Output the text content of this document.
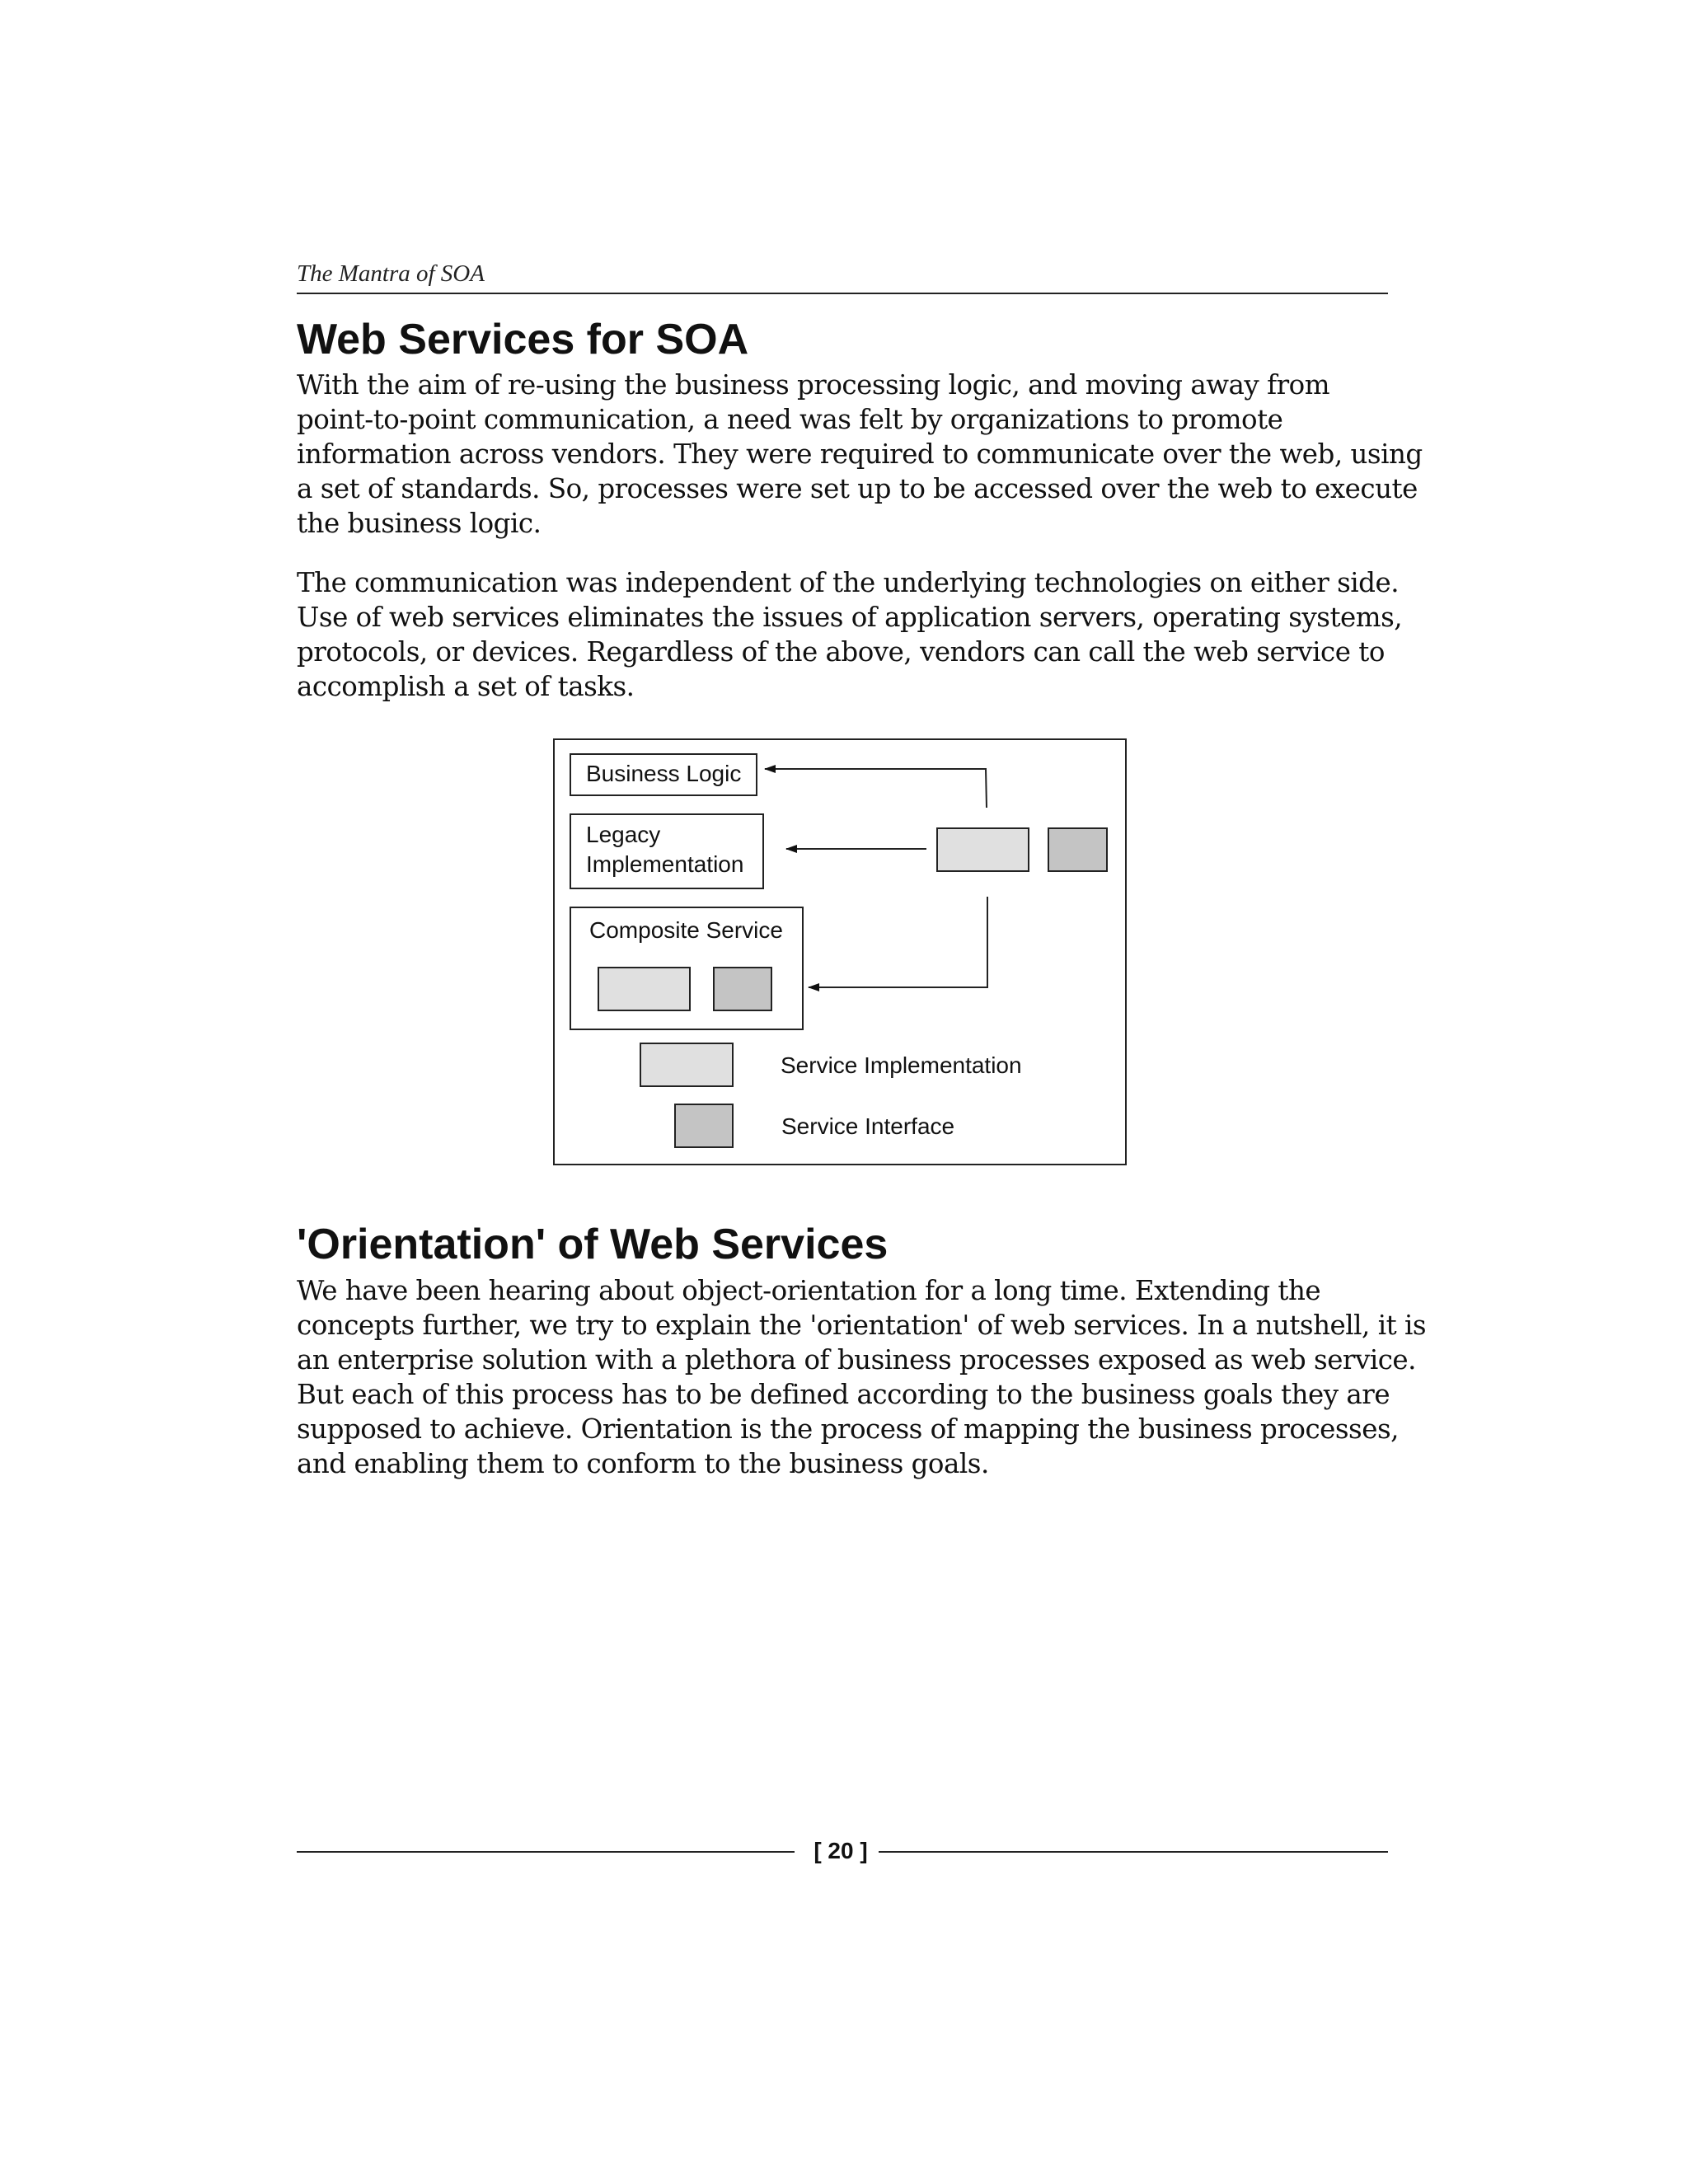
The Mantra of SOA
Web Services for SOA
With the aim of re-using the business processing logic, and moving away from
point-to-point communication, a need was felt by organizations to promote
information across vendors. They were required to communicate over the web, using
a set of standards. So, processes were set up to be accessed over the web to execute
the business logic.
The communication was independent of the underlying technologies on either side.
Use of web services eliminates the issues of application servers, operating systems,
protocols, or devices. Regardless of the above, vendors can call the web service to
accomplish a set of tasks.
Business Logic
Legacy
Implementation
Composite Service
Service Implementation
Service Interface
'Orientation' of Web Services
We have been hearing about object-orientation for a long time. Extending the
concepts further, we try to explain the 'orientation' of web services. In a nutshell, it is
an enterprise solution with a plethora of business processes exposed as web service.
But each of this process has to be defined according to the business goals they are
supposed to achieve. Orientation is the process of mapping the business processes,
and enabling them to conform to the business goals.
[ 20 ]
